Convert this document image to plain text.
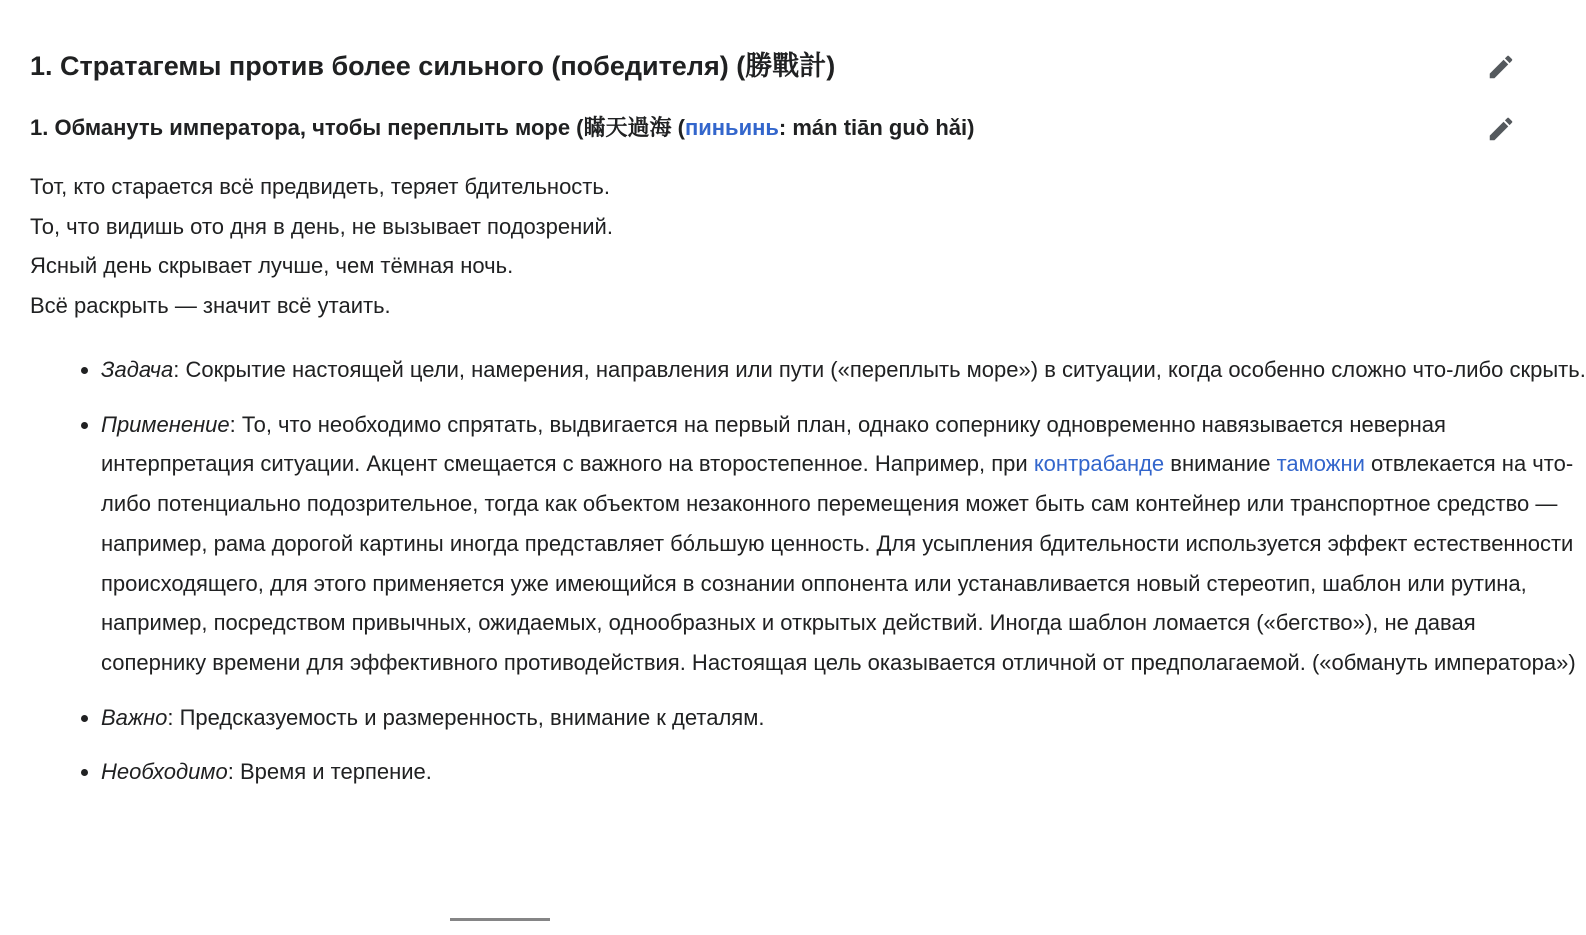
1. Стратагемы против более сильного (победителя) (勝戰計)
1. Обмануть императора, чтобы переплыть море (瞞天過海 (пиньинь: mán tiān guò hǎi)

Тот, кто старается всё предвидеть, теряет бдительность.
То, что видишь ото дня в день, не вызывает подозрений.
Ясный день скрывает лучше, чем тёмная ночь.
Всё раскрыть — значит всё утаить.

• Задача: Сокрытие настоящей цели, намерения, направления или пути («переплыть море») в ситуации, когда особенно сложно что-либо скрыть.
• Применение: То, что необходимо спрятать, выдвигается на первый план, однако сопернику одновременно навязывается неверная интерпретация ситуации. Акцент смещается с важного на второстепенное. Например, при контрабанде внимание таможни отвлекается на что-либо потенциально подозрительное, тогда как объектом незаконного перемещения может быть сам контейнер или транспортное средство — например, рама дорогой картины иногда представляет бóльшую ценность. Для усыпления бдительности используется эффект естественности происходящего, для этого применяется уже имеющийся в сознании оппонента или устанавливается новый стереотип, шаблон или рутина, например, посредством привычных, ожидаемых, однообразных и открытых действий. Иногда шаблон ломается («бегство»), не давая сопернику времени для эффективного противодействия. Настоящая цель оказывается отличной от предполагаемой. («обмануть императора»)
• Важно: Предсказуемость и размеренность, внимание к деталям.
• Необходимо: Время и терпение.
